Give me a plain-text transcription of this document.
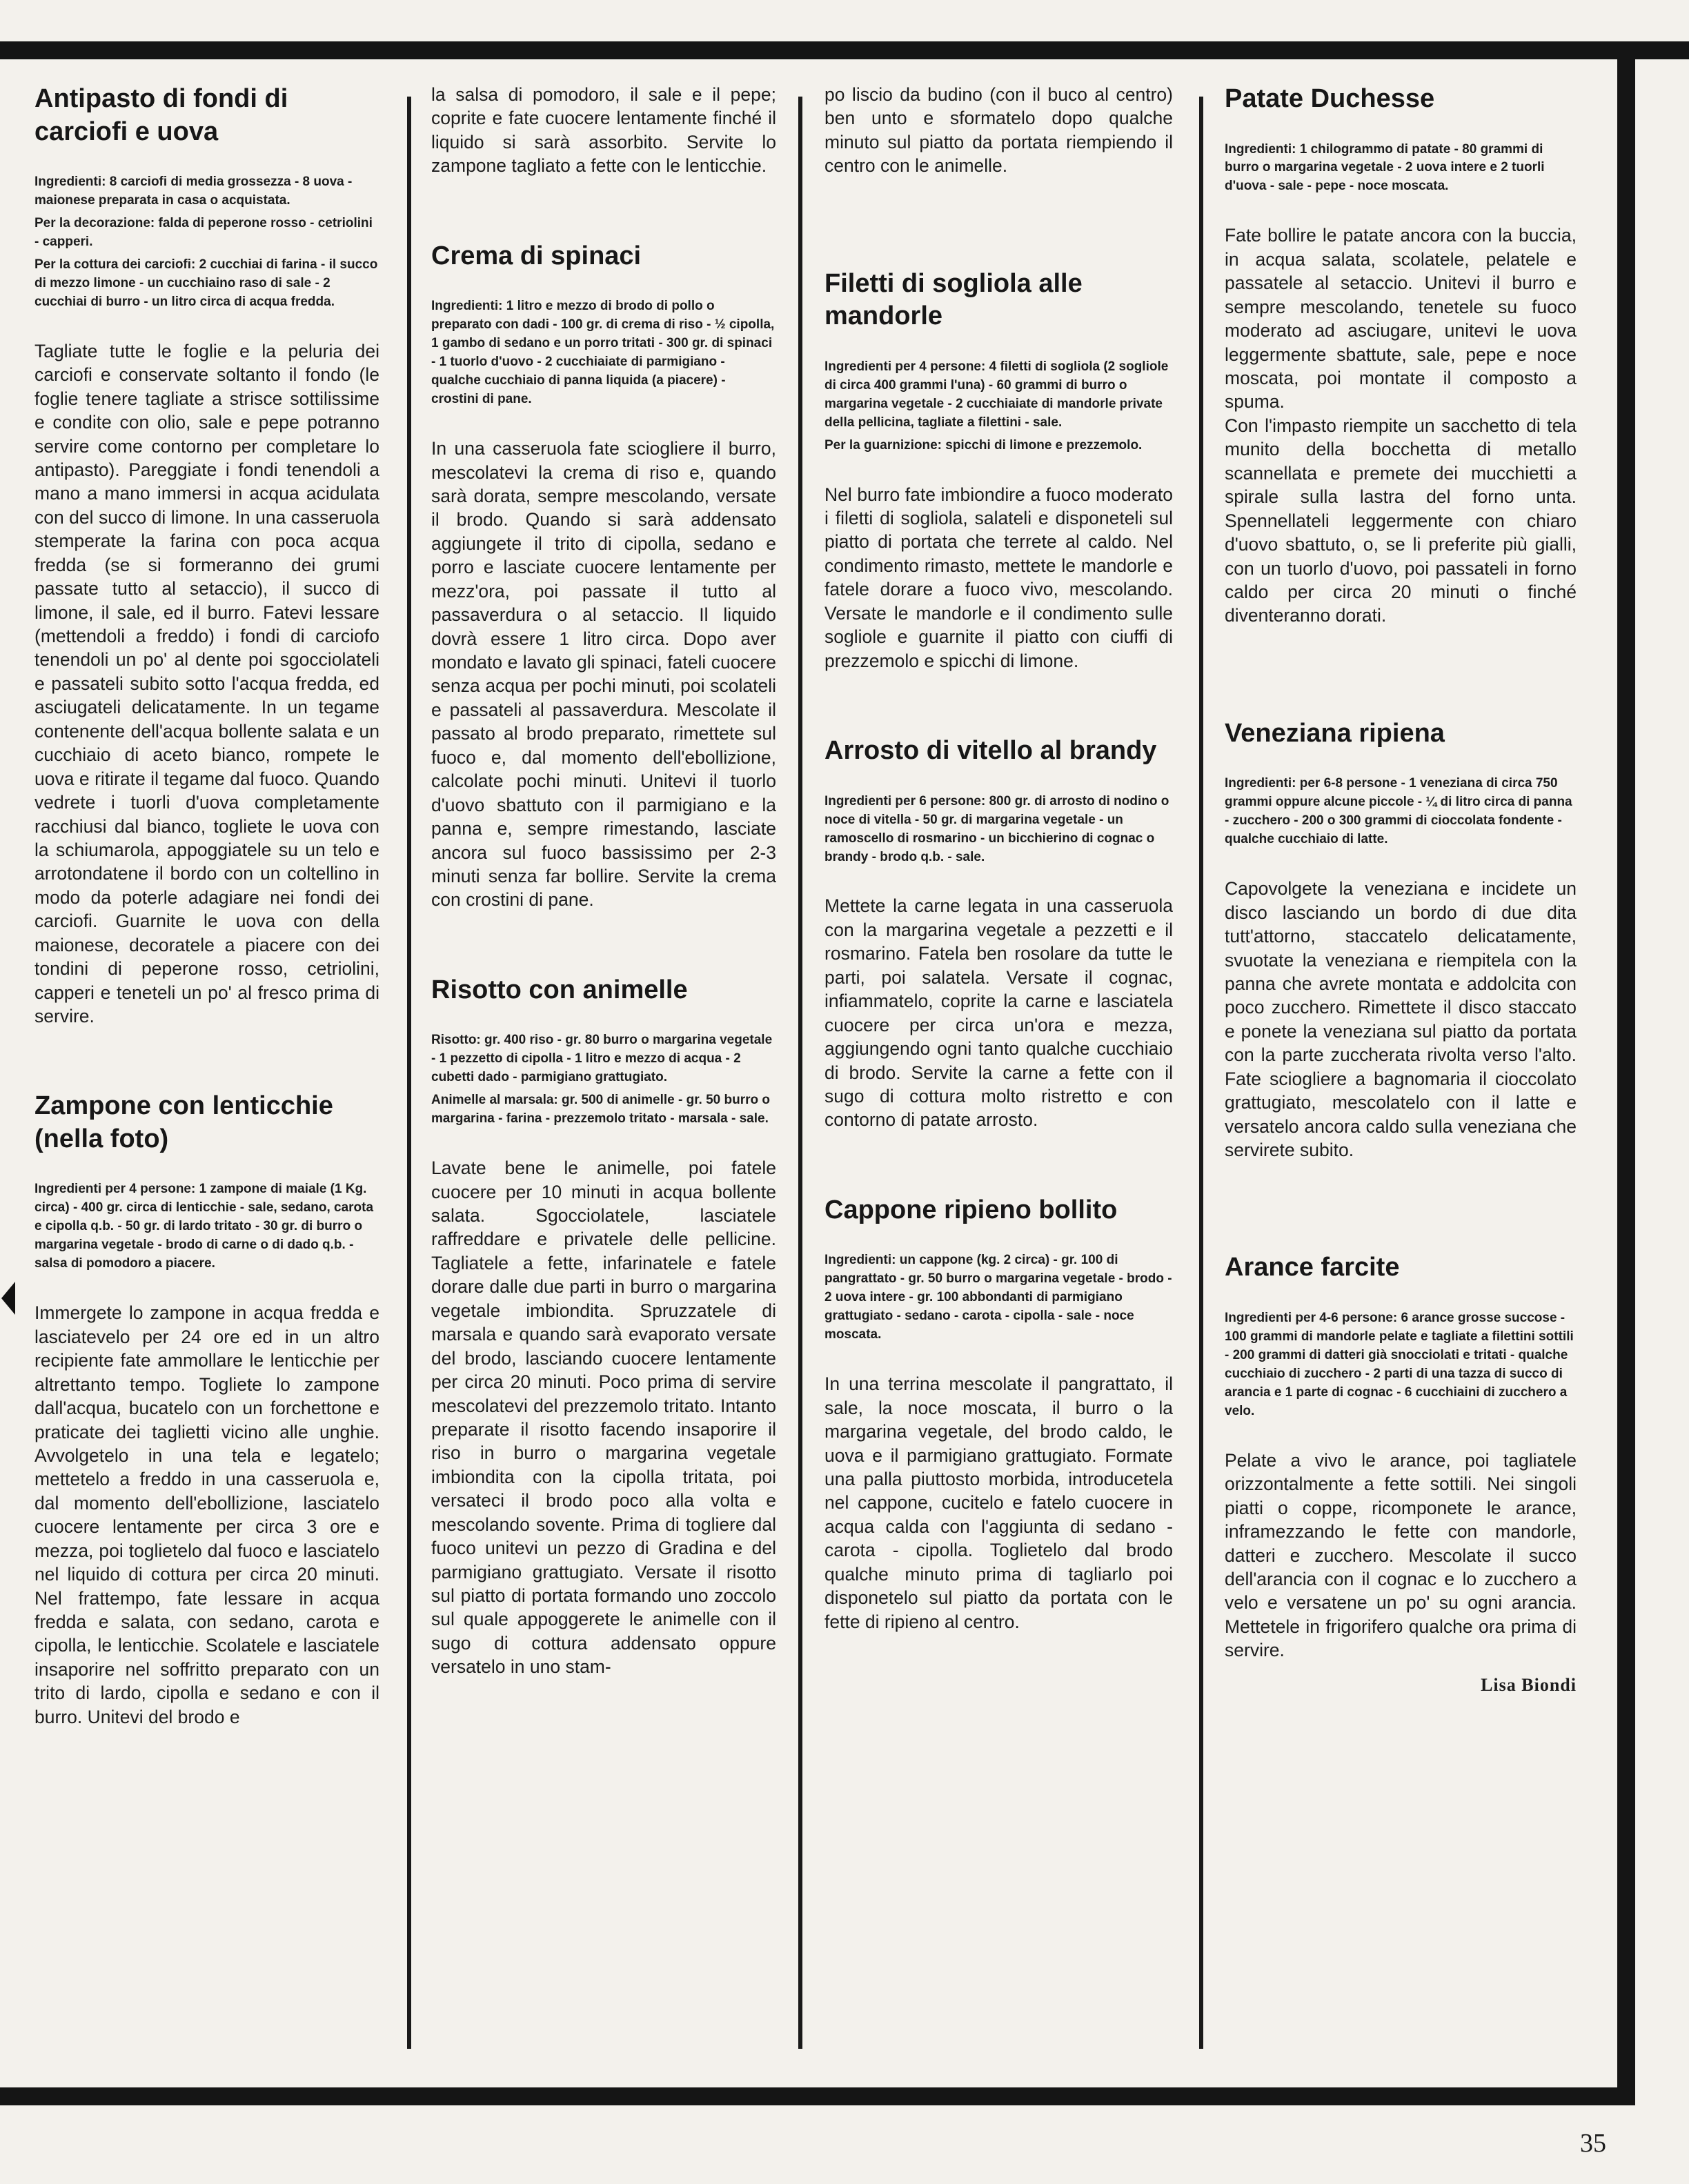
Antipasto di fondi di carciofi e uova

Ingredienti: 8 carciofi di media grossezza - 8 uova - maionese preparata in casa o acquistata.

Per la decorazione: falda di peperone rosso - cetriolini - capperi.

Per la cottura dei carciofi: 2 cucchiai di farina - il succo di mezzo limone - un cucchiaino raso di sale - 2 cucchiai di burro - un litro circa di acqua fredda.

Tagliate tutte le foglie e la peluria dei carciofi e conservate soltanto il fondo (le foglie tenere tagliate a strisce sottilissime e condite con olio, sale e pepe potranno servire come contorno per completare lo antipasto). Pareggiate i fondi tenendoli a mano a mano immersi in acqua acidulata con del succo di limone. In una casseruola stemperate la farina con poca acqua fredda (se si formeranno dei grumi passate tutto al setaccio), il succo di limone, il sale, ed il burro. Fatevi lessare (mettendoli a freddo) i fondi di carciofo tenendoli un po' al dente poi sgocciolateli e passateli subito sotto l'acqua fredda, ed asciugateli delicatamente. In un tegame contenente dell'acqua bollente salata e un cucchiaio di aceto bianco, rompete le uova e ritirate il tegame dal fuoco. Quando vedrete i tuorli d'uova completamente racchiusi dal bianco, togliete le uova con la schiumarola, appoggiatele su un telo e arrotondatene il bordo con un coltellino in modo da poterle adagiare nei fondi dei carciofi. Guarnite le uova con della maionese, decoratele a piacere con dei tondini di peperone rosso, cetriolini, capperi e teneteli un po' al fresco prima di servire.

Zampone con lenticchie (nella foto)

Ingredienti per 4 persone: 1 zampone di maiale (1 Kg. circa) - 400 gr. circa di lenticchie - sale, sedano, carota e cipolla q.b. - 50 gr. di lardo tritato - 30 gr. di burro o margarina vegetale - brodo di carne o di dado q.b. - salsa di pomodoro a piacere.

Immergete lo zampone in acqua fredda e lasciatevelo per 24 ore ed in un altro recipiente fate ammollare le lenticchie per altrettanto tempo. Togliete lo zampone dall'acqua, bucatelo con un forchettone e praticate dei taglietti vicino alle unghie. Avvolgetelo in una tela e legatelo; mettetelo a freddo in una casseruola e, dal momento dell'ebollizione, lasciatelo cuocere lentamente per circa 3 ore e mezza, poi toglietelo dal fuoco e lasciatelo nel liquido di cottura per circa 20 minuti. Nel frattempo, fate lessare in acqua fredda e salata, con sedano, carota e cipolla, le lenticchie. Scolatele e lasciatele insaporire nel soffritto preparato con un trito di lardo, cipolla e sedano e con il burro. Unitevi del brodo e

la salsa di pomodoro, il sale e il pepe; coprite e fate cuocere lentamente finché il liquido si sarà assorbito. Servite lo zampone tagliato a fette con le lenticchie.

Crema di spinaci

Ingredienti: 1 litro e mezzo di brodo di pollo o preparato con dadi - 100 gr. di crema di riso - ½ cipolla, 1 gambo di sedano e un porro tritati - 300 gr. di spinaci - 1 tuorlo d'uovo - 2 cucchiaiate di parmigiano - qualche cucchiaio di panna liquida (a piacere) - crostini di pane.

In una casseruola fate sciogliere il burro, mescolatevi la crema di riso e, quando sarà dorata, sempre mescolando, versate il brodo. Quando si sarà addensato aggiungete il trito di cipolla, sedano e porro e lasciate cuocere lentamente per mezz'ora, poi passate il tutto al passaverdura o al setaccio. Il liquido dovrà essere 1 litro circa. Dopo aver mondato e lavato gli spinaci, fateli cuocere senza acqua per pochi minuti, poi scolateli e passateli al passaverdura. Mescolate il passato al brodo preparato, rimettete sul fuoco e, dal momento dell'ebollizione, calcolate pochi minuti. Unitevi il tuorlo d'uovo sbattuto con il parmigiano e la panna e, sempre rimestando, lasciate ancora sul fuoco bassissimo per 2-3 minuti senza far bollire. Servite la crema con crostini di pane.

Risotto con animelle

Risotto: gr. 400 riso - gr. 80 burro o margarina vegetale - 1 pezzetto di cipolla - 1 litro e mezzo di acqua - 2 cubetti dado - parmigiano grattugiato.

Animelle al marsala: gr. 500 di animelle - gr. 50 burro o margarina - farina - prezzemolo tritato - marsala - sale.

Lavate bene le animelle, poi fatele cuocere per 10 minuti in acqua bollente salata. Sgocciolatele, lasciatele raffreddare e privatele delle pellicine. Tagliatele a fette, infarinatele e fatele dorare dalle due parti in burro o margarina vegetale imbiondita. Spruzzatele di marsala e quando sarà evaporato versate del brodo, lasciando cuocere lentamente per circa 20 minuti. Poco prima di servire mescolatevi del prezzemolo tritato. Intanto preparate il risotto facendo insaporire il riso in burro o margarina vegetale imbiondita con la cipolla tritata, poi versateci il brodo poco alla volta e mescolando sovente. Prima di togliere dal fuoco unitevi un pezzo di Gradina e del parmigiano grattugiato. Versate il risotto sul piatto di portata formando uno zoccolo sul quale appoggerete le animelle con il sugo di cottura addensato oppure versatelo in uno stam-

po liscio da budino (con il buco al centro) ben unto e sformatelo dopo qualche minuto sul piatto da portata riempiendo il centro con le animelle.

Filetti di sogliola alle mandorle

Ingredienti per 4 persone: 4 filetti di sogliola (2 sogliole di circa 400 grammi l'una) - 60 grammi di burro o margarina vegetale - 2 cucchiaiate di mandorle private della pellicina, tagliate a filettini - sale.

Per la guarnizione: spicchi di limone e prezzemolo.

Nel burro fate imbiondire a fuoco moderato i filetti di sogliola, salateli e disponeteli sul piatto di portata che terrete al caldo. Nel condimento rimasto, mettete le mandorle e fatele dorare a fuoco vivo, mescolando. Versate le mandorle e il condimento sulle sogliole e guarnite il piatto con ciuffi di prezzemolo e spicchi di limone.

Arrosto di vitello al brandy

Ingredienti per 6 persone: 800 gr. di arrosto di nodino o noce di vitella - 50 gr. di margarina vegetale - un ramoscello di rosmarino - un bicchierino di cognac o brandy - brodo q.b. - sale.

Mettete la carne legata in una casseruola con la margarina vegetale a pezzetti e il rosmarino. Fatela ben rosolare da tutte le parti, poi salatela. Versate il cognac, infiammatelo, coprite la carne e lasciatela cuocere per circa un'ora e mezza, aggiungendo ogni tanto qualche cucchiaio di brodo. Servite la carne a fette con il sugo di cottura molto ristretto e con contorno di patate arrosto.

Cappone ripieno bollito

Ingredienti: un cappone (kg. 2 circa) - gr. 100 di pangrattato - gr. 50 burro o margarina vegetale - brodo - 2 uova intere - gr. 100 abbondanti di parmigiano grattugiato - sedano - carota - cipolla - sale - noce moscata.

In una terrina mescolate il pangrattato, il sale, la noce moscata, il burro o la margarina vegetale, del brodo caldo, le uova e il parmigiano grattugiato. Formate una palla piuttosto morbida, introducetela nel cappone, cucitelo e fatelo cuocere in acqua calda con l'aggiunta di sedano - carota - cipolla. Toglietelo dal brodo qualche minuto prima di tagliarlo poi disponetelo sul piatto da portata con le fette di ripieno al centro.

Patate Duchesse

Ingredienti: 1 chilogrammo di patate - 80 grammi di burro o margarina vegetale - 2 uova intere e 2 tuorli d'uova - sale - pepe - noce moscata.

Fate bollire le patate ancora con la buccia, in acqua salata, scolatele, pelatele e passatele al setaccio. Unitevi il burro e sempre mescolando, tenetele su fuoco moderato ad asciugare, unitevi le uova leggermente sbattute, sale, pepe e noce moscata, poi montate il composto a spuma.

Con l'impasto riempite un sacchetto di tela munito della bocchetta di metallo scannellata e premete dei mucchietti a spirale sulla lastra del forno unta. Spennellateli leggermente con chiaro d'uovo sbattuto, o, se li preferite più gialli, con un tuorlo d'uovo, poi passateli in forno caldo per circa 20 minuti o finché diventeranno dorati.

Veneziana ripiena

Ingredienti: per 6-8 persone - 1 veneziana di circa 750 grammi oppure alcune piccole - ¼ di litro circa di panna - zucchero - 200 o 300 grammi di cioccolata fondente - qualche cucchiaio di latte.

Capovolgete la veneziana e incidete un disco lasciando un bordo di due dita tutt'attorno, staccatelo delicatamente, svuotate la veneziana e riempitela con la panna che avrete montata e addolcita con poco zucchero. Rimettete il disco staccato e ponete la veneziana sul piatto da portata con la parte zuccherata rivolta verso l'alto. Fate sciogliere a bagnomaria il cioccolato grattugiato, mescolatelo con il latte e versatelo ancora caldo sulla veneziana che servirete subito.

Arance farcite

Ingredienti per 4-6 persone: 6 arance grosse succose - 100 grammi di mandorle pelate e tagliate a filettini sottili - 200 grammi di datteri già snocciolati e tritati - qualche cucchiaio di zucchero - 2 parti di una tazza di succo di arancia e 1 parte di cognac - 6 cucchiaini di zucchero a velo.

Pelate a vivo le arance, poi tagliatele orizzontalmente a fette sottili. Nei singoli piatti o coppe, ricomponete le arance, inframezzando le fette con mandorle, datteri e zucchero. Mescolate il succo dell'arancia con il cognac e lo zucchero a velo e versatene un po' su ogni arancia. Mettetele in frigorifero qualche ora prima di servire.

Lisa Biondi
35
